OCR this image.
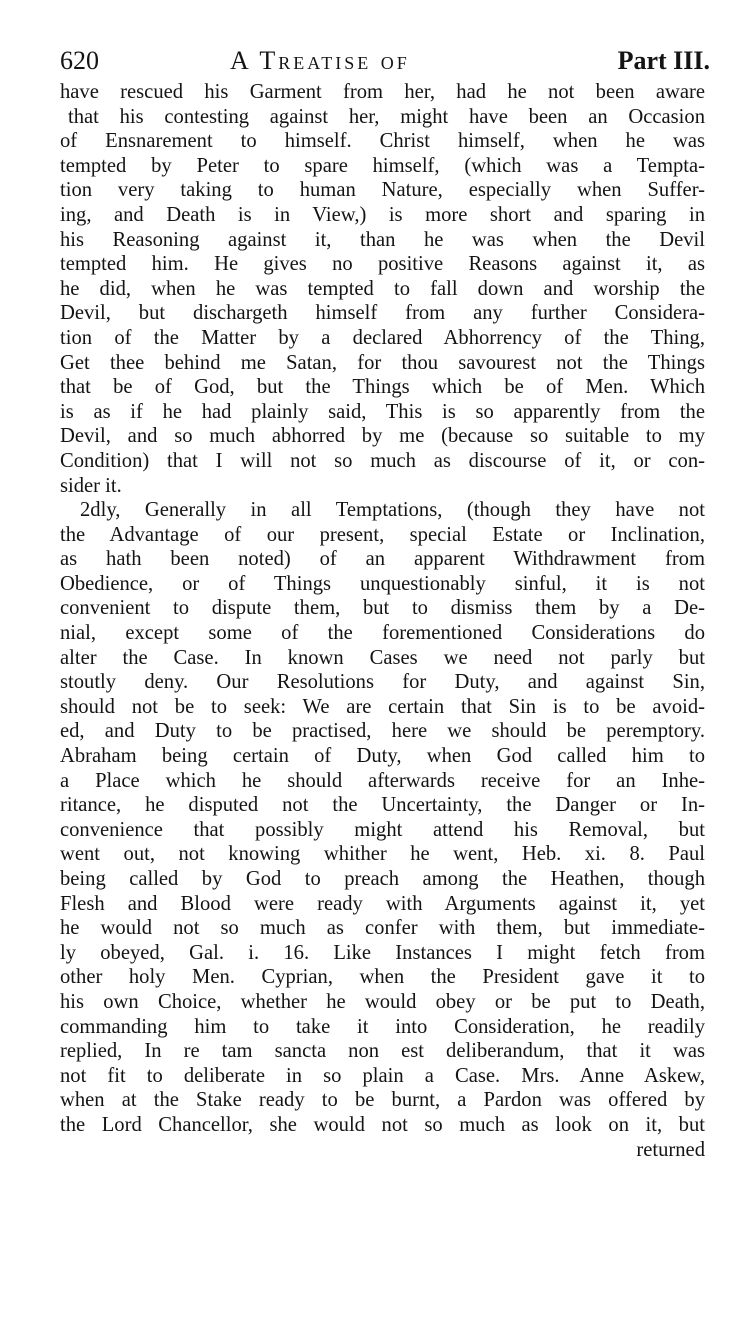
620	A Treatise of	Part III.
have rescued his Garment from her, had he not been aware
that his contesting against her, might have been an Occasion
of Ensnarement to himself. Christ himself, when he was
tempted by Peter to spare himself, (which was a Tempta-
tion very taking to human Nature, especially when Suffer-
ing, and Death is in View,) is more short and sparing in
his Reasoning against it, than he was when the Devil
tempted him. He gives no positive Reasons against it, as
he did, when he was tempted to fall down and worship the
Devil, but dischargeth himself from any further Considera-
tion of the Matter by a declared Abhorrency of the Thing,
Get thee behind me Satan, for thou savourest not the Things
that be of God, but the Things which be of Men. Which
is as if he had plainly said, This is so apparently from the
Devil, and so much abhorred by me (because so suitable to my
Condition) that I will not so much as discourse of it, or con-
sider it.
2dly, Generally in all Temptations, (though they have not
the Advantage of our present, special Estate or Inclination,
as hath been noted) of an apparent Withdrawment from
Obedience, or of Things unquestionably sinful, it is not
convenient to dispute them, but to dismiss them by a De-
nial, except some of the forementioned Considerations do
alter the Case. In known Cases we need not parly but
stoutly deny. Our Resolutions for Duty, and against Sin,
should not be to seek: We are certain that Sin is to be avoid-
ed, and Duty to be practised, here we should be peremptory.
Abraham being certain of Duty, when God called him to
a Place which he should afterwards receive for an Inhe-
ritance, he disputed not the Uncertainty, the Danger or In-
convenience that possibly might attend his Removal, but
went out, not knowing whither he went, Heb. xi. 8. Paul
being called by God to preach among the Heathen, though
Flesh and Blood were ready with Arguments against it, yet
he would not so much as confer with them, but immediate-
ly obeyed, Gal. i. 16. Like Instances I might fetch from
other holy Men. Cyprian, when the President gave it to
his own Choice, whether he would obey or be put to Death,
commanding him to take it into Consideration, he readily
replied, In re tam sancta non est deliberandum, that it was
not fit to deliberate in so plain a Case. Mrs. Anne Askew,
when at the Stake ready to be burnt, a Pardon was offered by
the Lord Chancellor, she would not so much as look on it, but
returned
